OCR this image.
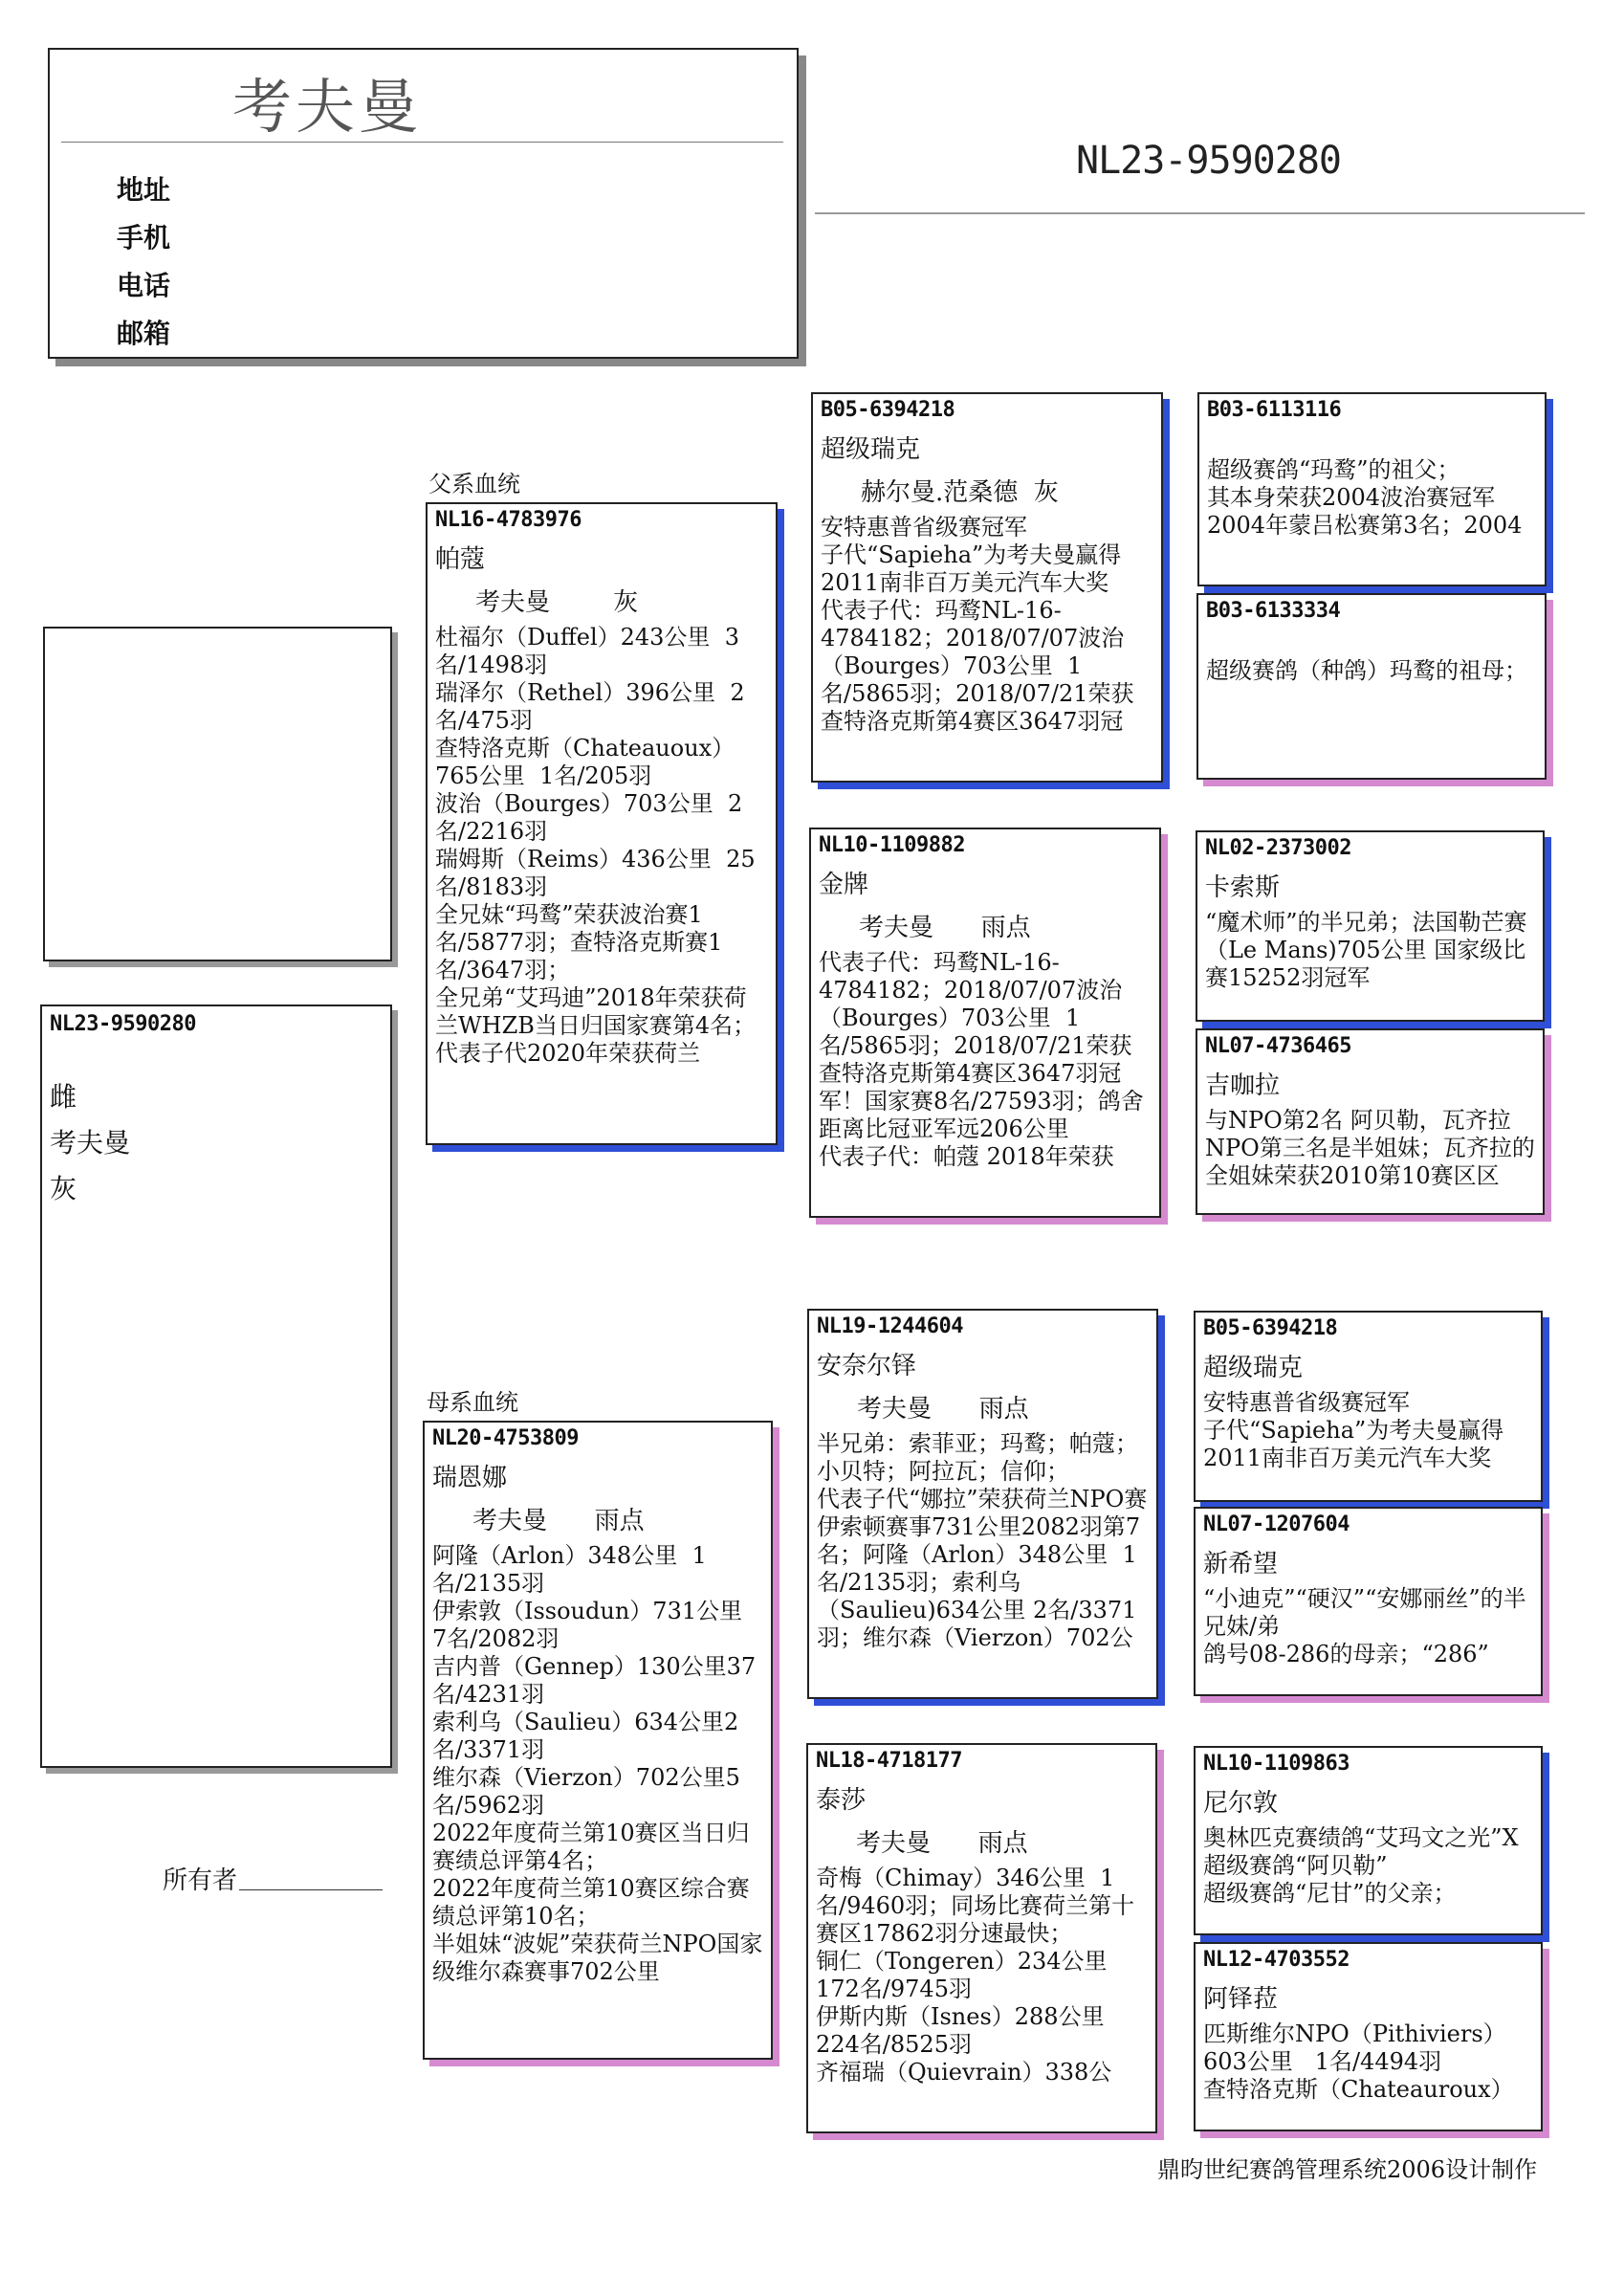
考夫曼
地址
手机
电话
邮箱
NL23-9590280
NL23-9590280
雌
考夫曼
灰
所有者
父系血统
母系血统
NL16-4783976
帕蔻
考夫曼        灰
杜福尔（Duffel）243公里  3名/1498羽
瑞泽尔（Rethel）396公里  2名/475羽
查特洛克斯（Chateauoux）765公里  1名/205羽
波治（Bourges）703公里  2名/2216羽
瑞姆斯（Reims）436公里  25名/8183羽
全兄妹“玛鹜”荣获波治赛1名/5877羽；查特洛克斯赛1名/3647羽；
全兄弟“艾玛迪”2018年荣获荷兰WHZB当日归国家赛第4名；代表子代2020年荣获荷兰
NL20-4753809
瑞恩娜
考夫曼      雨点
阿隆（Arlon）348公里  1名/2135羽
伊索敦（Issoudun）731公里  7名/2082羽
吉内普（Gennep）130公里37名/4231羽
索利乌（Saulieu）634公里2名/3371羽
维尔森（Vierzon）702公里5名/5962羽
2022年度荷兰第10赛区当日归赛绩总评第4名；
2022年度荷兰第10赛区综合赛绩总评第10名；
半姐妹“波妮”荣获荷兰NPO国家级维尔森赛事702公里
B05-6394218
超级瑞克
赫尔曼.范桑德  灰
安特惠普省级赛冠军
子代“Sapieha”为考夫曼赢得2011南非百万美元汽车大奖
代表子代：玛鹜NL-16-4784182；2018/07/07波治（Bourges）703公里  1名/5865羽；2018/07/21荣获查特洛克斯第4赛区3647羽冠
NL10-1109882
金牌
考夫曼      雨点
代表子代：玛鹜NL-16-4784182；2018/07/07波治（Bourges）703公里  1名/5865羽；2018/07/21荣获查特洛克斯第4赛区3647羽冠军！国家赛8名/27593羽；鸽舍距离比冠亚军远206公里
代表子代：帕蔻 2018年荣获
NL19-1244604
安奈尔铎
考夫曼      雨点
半兄弟：索菲亚；玛鹜；帕蔻；小贝特；阿拉瓦；信仰；
代表子代“娜拉”荣获荷兰NPO赛伊索顿赛事731公里2082羽第7名；阿隆（Arlon）348公里  1名/2135羽；索利乌（Saulieu)634公里 2名/3371羽；维尔森（Vierzon）702公
NL18-4718177
泰莎
考夫曼      雨点
奇梅（Chimay）346公里  1名/9460羽；同场比赛荷兰第十赛区17862羽分速最快；
铜仁（Tongeren）234公里172名/9745羽
伊斯内斯（Isnes）288公里224名/8525羽
齐福瑞（Quievrain）338公
B03-6113116
超级赛鸽“玛鹜”的祖父；
其本身荣获2004波治赛冠军
2004年蒙吕松赛第3名；2004
B03-6133334
超级赛鸽（种鸽）玛鹜的祖母；
NL02-2373002
卡索斯
“魔术师”的半兄弟；法国勒芒赛（Le Mans)705公里 国家级比赛15252羽冠军
NL07-4736465
吉咖拉
与NPO第2名 阿贝勒，瓦齐拉NPO第三名是半姐妹；瓦齐拉的全姐妹荣获2010第10赛区区
B05-6394218
超级瑞克
安特惠普省级赛冠军
子代“Sapieha”为考夫曼赢得2011南非百万美元汽车大奖
NL07-1207604
新希望
“小迪克”“硬汉”“安娜丽丝”的半兄妹/弟
鸽号08-286的母亲；“286”
NL10-1109863
尼尔敦
奥林匹克赛绩鸽“艾玛文之光”X超级赛鸽“阿贝勒”
超级赛鸽“尼甘”的父亲；
NL12-4703552
阿铎菈
匹斯维尔NPO（Pithiviers）603公里   1名/4494羽
查特洛克斯（Chateauroux）
鼎昀世纪赛鸽管理系统2006设计制作
